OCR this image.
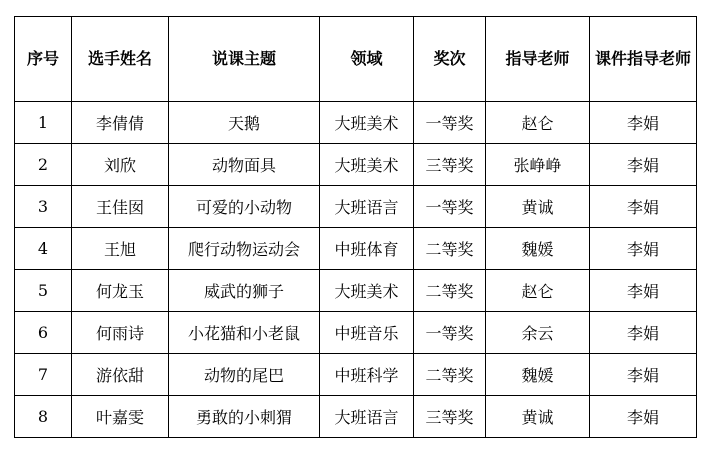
序号	选手姓名	说课主题	领域	奖次	指导老师	课件指导老师
1	李倩倩	天鹅	大班美术	一等奖	赵仑	李娟
2	刘欣	动物面具	大班美术	三等奖	张峥峥	李娟
3	王佳囡	可爱的小动物	大班语言	一等奖	黄诚	李娟
4	王旭	爬行动物运动会	中班体育	二等奖	魏媛	李娟
5	何龙玉	威武的狮子	大班美术	二等奖	赵仑	李娟
6	何雨诗	小花猫和小老鼠	中班音乐	一等奖	余云	李娟
7	游依甜	动物的尾巴	中班科学	二等奖	魏媛	李娟
8	叶嘉雯	勇敢的小刺猬	大班语言	三等奖	黄诚	李娟
